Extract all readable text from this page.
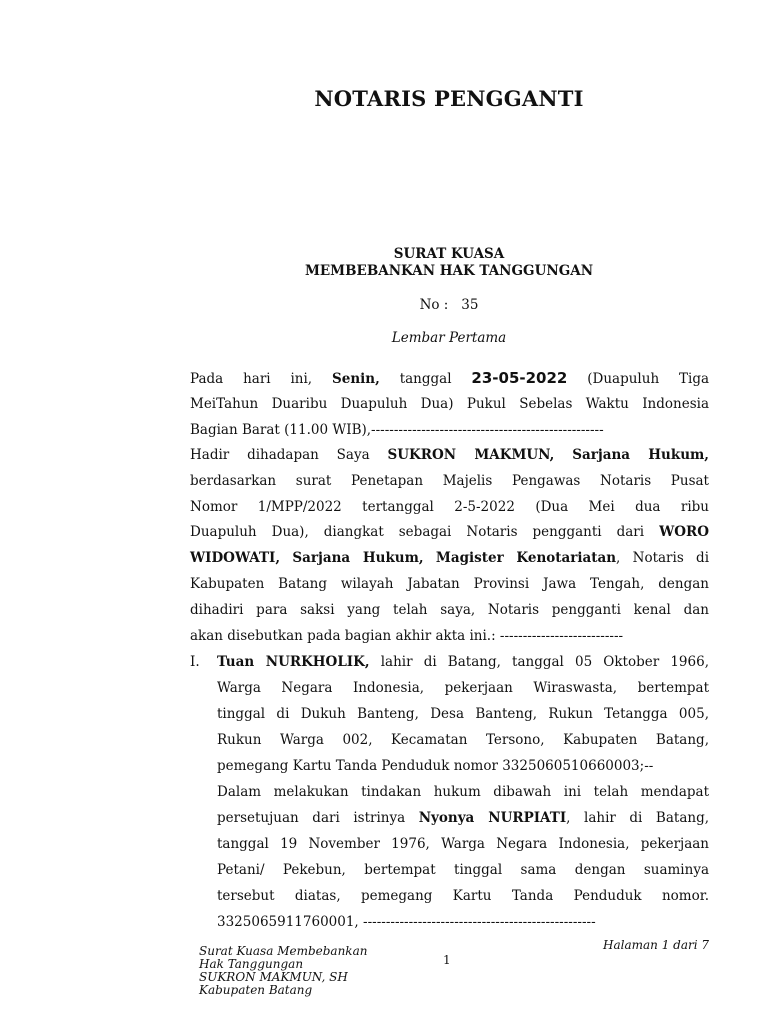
NOTARIS PENGGANTI
SURAT KUASA
MEMBEBANKAN HAK TANGGUNGAN
No :   35
Lembar Pertama
Pada hari ini, Senin, tanggal 23-05-2022 (Duapuluh Tiga
MeiTahun Duaribu Duapuluh Dua) Pukul Sebelas Waktu Indonesia
Bagian Barat (11.00 WIB),---------------------------------------------------
Hadir dihadapan Saya SUKRON MAKMUN, Sarjana Hukum,
berdasarkan surat Penetapan Majelis Pengawas Notaris Pusat
Nomor 1/MPP/2022 tertanggal 2-5-2022 (Dua Mei dua ribu
Duapuluh Dua), diangkat sebagai Notaris pengganti dari WORO
WIDOWATI, Sarjana Hukum, Magister Kenotariatan, Notaris di
Kabupaten Batang wilayah Jabatan Provinsi Jawa Tengah, dengan
dihadiri para saksi yang telah saya, Notaris pengganti kenal dan
akan disebutkan pada bagian akhir akta ini.: ---------------------------
I. Tuan NURKHOLIK, lahir di Batang, tanggal 05 Oktober 1966,
Warga Negara Indonesia, pekerjaan Wiraswasta, bertempat
tinggal di Dukuh Banteng, Desa Banteng, Rukun Tetangga 005,
Rukun Warga 002, Kecamatan Tersono, Kabupaten Batang,
pemegang Kartu Tanda Penduduk nomor 3325060510660003;--
Dalam melakukan tindakan hukum dibawah ini telah mendapat
persetujuan dari istrinya Nyonya NURPIATI, lahir di Batang,
tanggal 19 November 1976, Warga Negara Indonesia, pekerjaan
Petani/ Pekebun, bertempat tinggal sama dengan suaminya
tersebut diatas, pemegang Kartu Tanda Penduduk nomor.
3325065911760001, ---------------------------------------------------
Halaman 1 dari 7
1
Surat Kuasa Membebankan
Hak Tanggungan
SUKRON MAKMUN, SH
Kabupaten Batang
